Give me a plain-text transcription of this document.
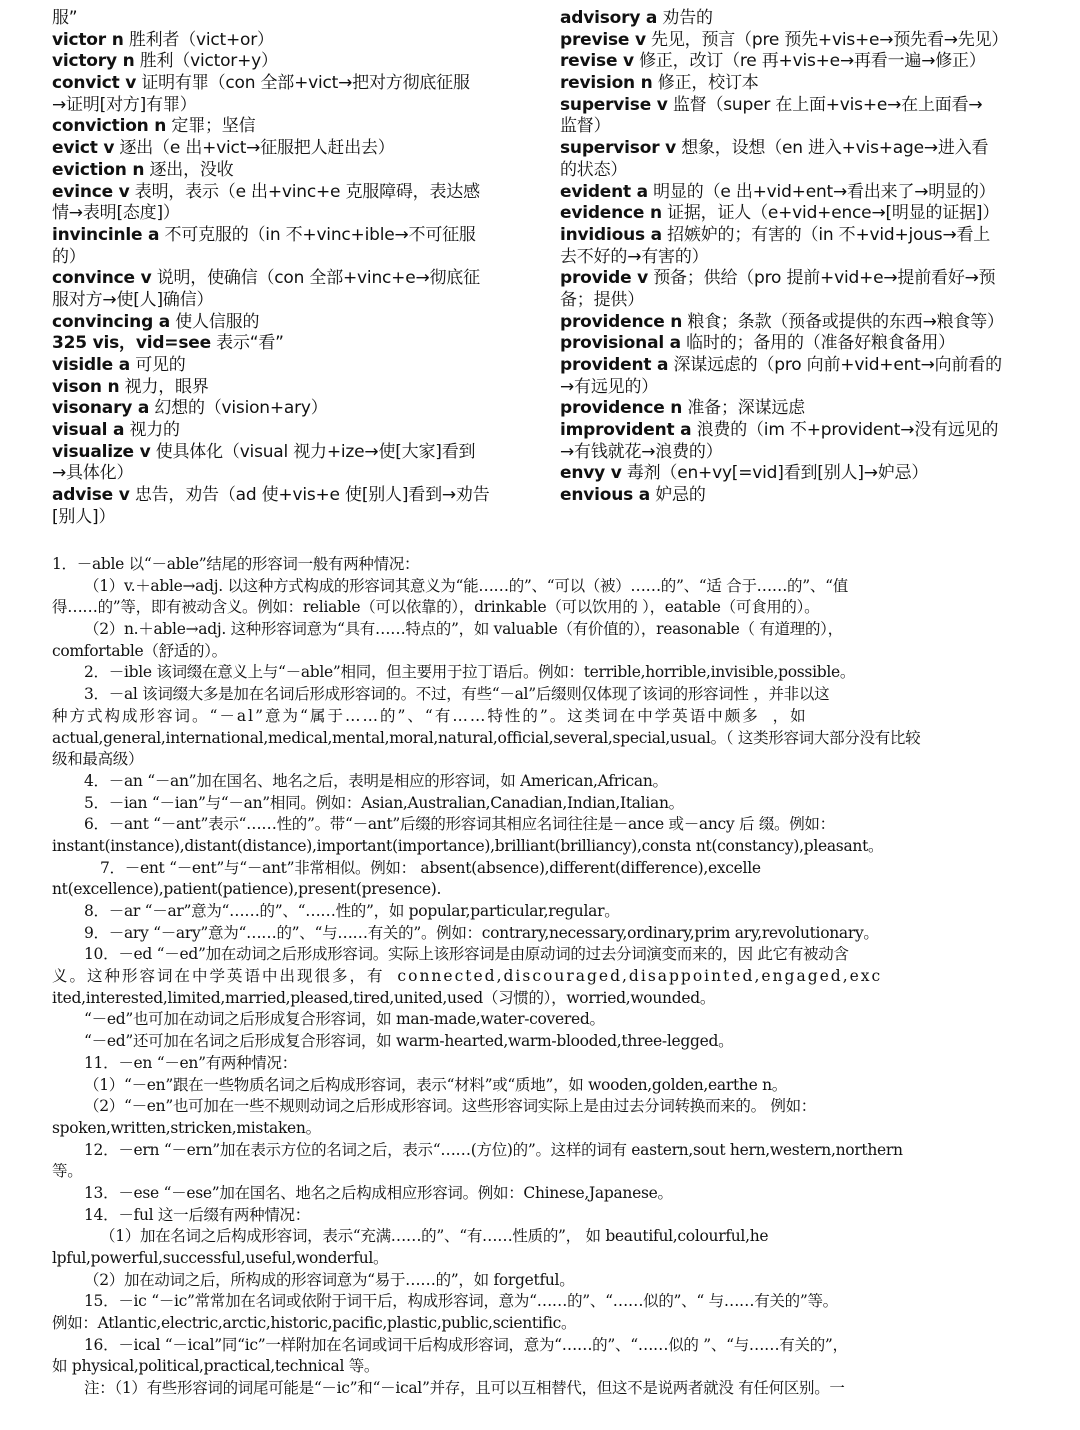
服”
victor n 胜利者（vict+or）
victory n 胜利（victor+y）
convict v 证明有罪（con 全部+vict→把对方彻底征服
→证明[对方]有罪）
conviction n 定罪；坚信
evict v 逐出（e 出+vict→征服把人赶出去）
eviction n 逐出，没收
evince v 表明，表示（e 出+vinc+e 克服障碍，表达感
情→表明[态度]）
invincinle a 不可克服的（in 不+vinc+ible→不可征服
的）
convince v 说明，使确信（con 全部+vinc+e→彻底征
服对方→使[人]确信）
convincing a 使人信服的
325 vis，vid=see 表示“看”
visidle a 可见的
vison n 视力，眼界
visonary a 幻想的（vision+ary）
visual a 视力的
visualize v 使具体化（visual 视力+ize→使[大家]看到
→具体化）
advise v 忠告，劝告（ad 使+vis+e 使[别人]看到→劝告
[别人]）
advisory a 劝告的
previse v 先见，预言（pre 预先+vis+e→预先看→先见）
revise v 修正，改订（re 再+vis+e→再看一遍→修正）
revision n 修正，校订本
supervise v 监督（super 在上面+vis+e→在上面看→
监督）
supervisor v 想象，设想（en 进入+vis+age→进入看
的状态）
evident a 明显的（e 出+vid+ent→看出来了→明显的）
evidence n 证据，证人（e+vid+ence→[明显的证据]）
invidious a 招嫉妒的；有害的（in 不+vid+jous→看上
去不好的→有害的）
provide v 预备；供给（pro 提前+vid+e→提前看好→预
备；提供）
providence n 粮食；条款（预备或提供的东西→粮食等）
provisional a 临时的；备用的（准备好粮食备用）
provident a 深谋远虑的（pro 向前+vid+ent→向前看的
→有远见的）
providence n 准备；深谋远虑
improvident a 浪费的（im 不+provident→没有远见的
→有钱就花→浪费的）
envy v 毒剂（en+vy[=vid]看到[别人]→妒忌）
envious a 妒忌的
1．－able 以“－able”结尾的形容词一般有两种情况：
（1）v.＋able→adj. 以这种方式构成的形容词其意义为“能……的”、“可以（被）……的”、“适 合于……的”、“值
得……的”等，即有被动含义。例如：reliable（可以依靠的），drinkable（可以饮用的 ），eatable（可食用的）。
（2）n.＋able→adj. 这种形容词意为“具有……特点的”，如 valuable（有价值的），reasonable（ 有道理的），
comfortable（舒适的）。
2．－ible 该词缀在意义上与“－able”相同，但主要用于拉丁语后。例如：terrible,horrible,invisible,possible。
3．－al 该词缀大多是加在名词后形成形容词的。不过，有些“－al”后缀则仅体现了该词的形容词性 ，并非以这
种方式构成形容词。“－al”意为“属于……的”、“有……特性的”。这类词在中学英语中颇多 ，如
actual,general,international,medical,mental,moral,natural,official,several,special,usual。（ 这类形容词大部分没有比较
级和最高级）
4．－an “－an”加在国名、地名之后，表明是相应的形容词，如 American,African。
5．－ian “－ian”与“－an”相同。例如：Asian,Australian,Canadian,Indian,Italian。
6．－ant “－ant”表示“……性的”。带“－ant”后缀的形容词其相应名词往往是－ance 或－ancy 后 缀。例如：
instant(instance),distant(distance),important(importance),brilliant(brilliancy),consta nt(constancy),pleasant。
7．－ent “－ent”与“－ant”非常相似。例如： absent(absence),different(difference),excelle
nt(excellence),patient(patience),present(presence).
8．－ar “－ar”意为“……的”、“……性的”，如 popular,particular,regular。
9．－ary “－ary”意为“……的”、“与……有关的”。例如：contrary,necessary,ordinary,prim ary,revolutionary。
10．－ed “－ed”加在动词之后形成形容词。实际上该形容词是由原动词的过去分词演变而来的，因 此它有被动含
义。这种形容词在中学英语中出现很多，有 connected,discouraged,disappointed,engaged,exc
ited,interested,limited,married,pleased,tired,united,used（习惯的），worried,wounded。
“－ed”也可加在动词之后形成复合形容词，如 man-made,water-covered。
“－ed”还可加在名词之后形成复合形容词，如 warm-hearted,warm-blooded,three-legged。
11．－en “－en”有两种情况：
（1）“－en”跟在一些物质名词之后构成形容词，表示“材料”或“质地”，如 wooden,golden,earthe n。
（2）“－en”也可加在一些不规则动词之后形成形容词。这些形容词实际上是由过去分词转换而来的。 例如：
spoken,written,stricken,mistaken。
12．－ern “－ern”加在表示方位的名词之后，表示“……(方位)的”。这样的词有 eastern,sout hern,western,northern
等。
13．－ese “－ese”加在国名、地名之后构成相应形容词。例如：Chinese,Japanese。
14．－ful 这一后缀有两种情况：
（1）加在名词之后构成形容词，表示“充满……的”、“有……性质的”， 如 beautiful,colourful,he
lpful,powerful,successful,useful,wonderful。
（2）加在动词之后，所构成的形容词意为“易于……的”，如 forgetful。
15．－ic “－ic”常常加在名词或依附于词干后，构成形容词，意为“……的”、“……似的”、“ 与……有关的”等。
例如：Atlantic,electric,arctic,historic,pacific,plastic,public,scientific。
16．－ical “－ical”同“ic”一样附加在名词或词干后构成形容词，意为“……的”、“……似的 ”、“与……有关的”，
如 physical,political,practical,technical 等。
注：（1）有些形容词的词尾可能是“－ic”和“－ical”并存，且可以互相替代，但这不是说两者就没 有任何区别。一
